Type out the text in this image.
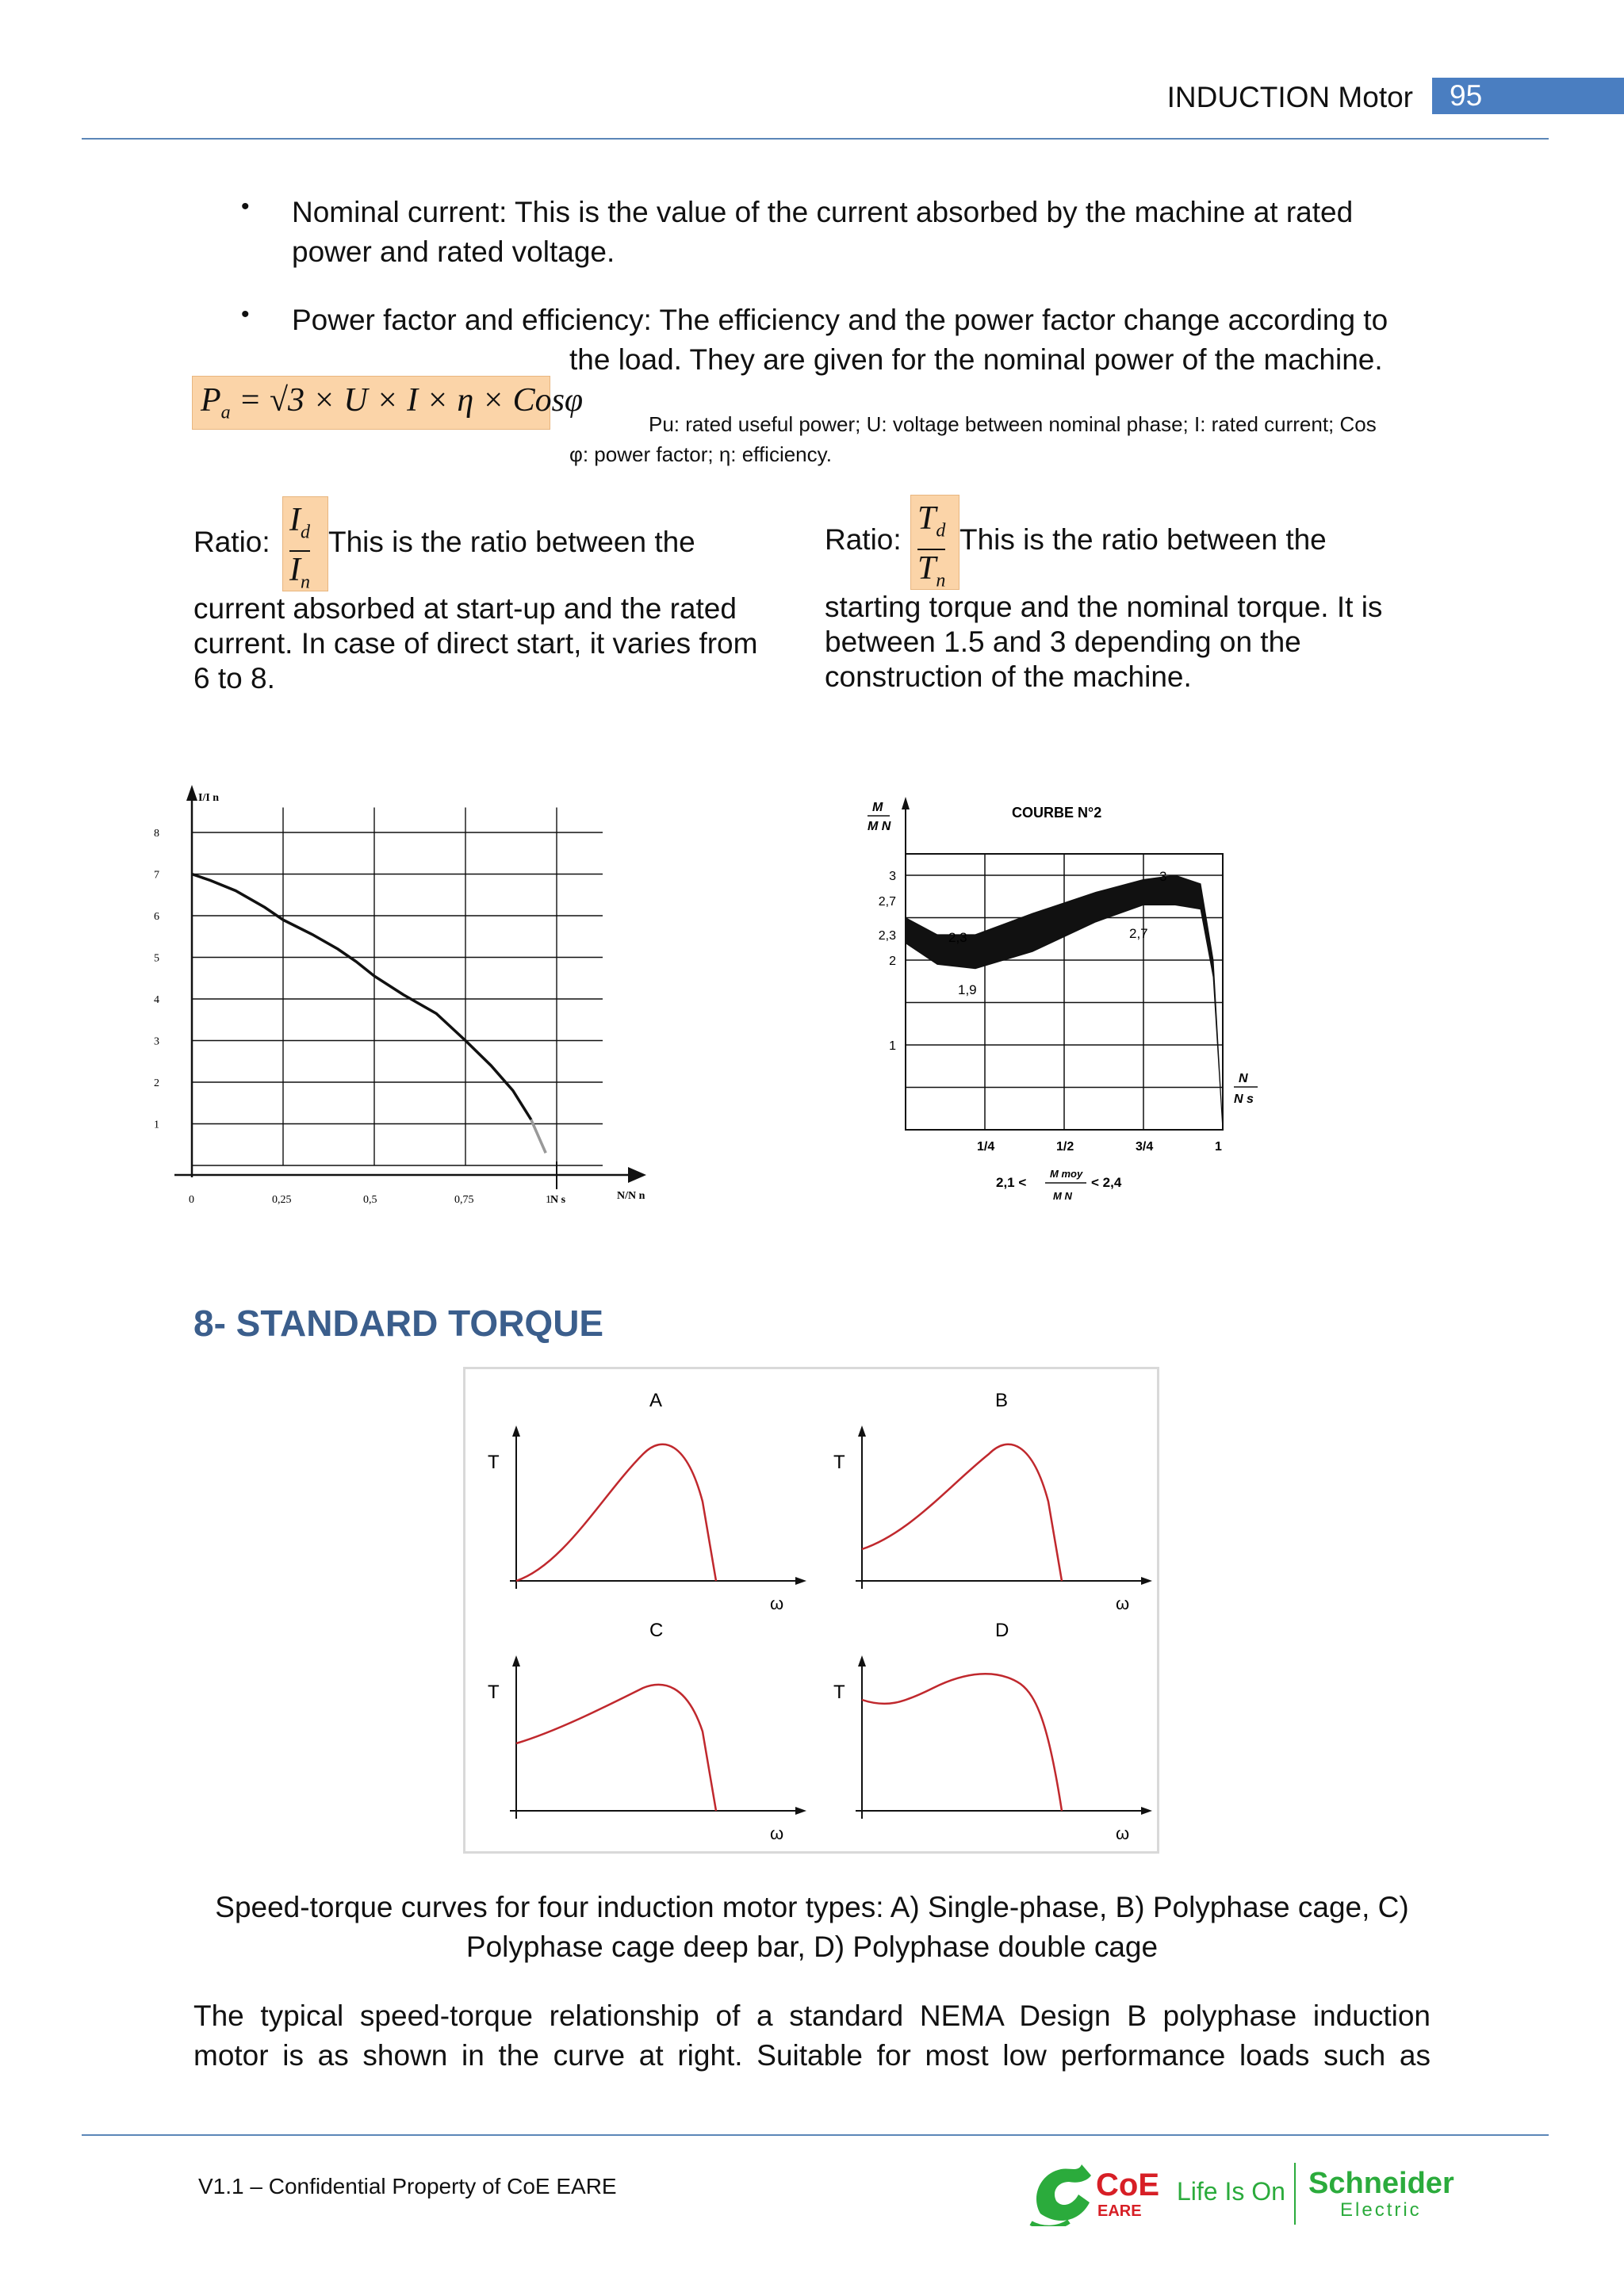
INDUCTION Motor	95
• Nominal current: This is the value of the current absorbed by the machine at rated
power and rated voltage.
• Power factor and efficiency: The efficiency and the power factor change according to
the load. They are given for the nominal power of the machine.
$P_a = √3 \times U \times I \times \eta \times Cos\varphi$
Pu: rated useful power; U: voltage between nominal phase; I: rated current; Cos
φ: power factor; η: efficiency.
Ratio:
$I_d$
$I_n$
This is the ratio between the
current absorbed at start-up and the rated
current. In case of direct start, it varies from
6 to 8.
Ratio:
$T_d$
$T_n$
This is the ratio between the
starting torque and the nominal torque. It is
between 1.5 and 3 depending on the
construction of the machine.
I/I n
N/N n
N s
0	0,25	0,5	0,75	1
1
2
3
4
5
6
7
8
M
M N
COURBE N°2
1
2
2,3
2,7
3
1/4	1/2	3/4	1
2,3
1,9
2,7
3
N
N s
2,1 <
M moy
M N
< 2,4
8- STANDARD TORQUE
A
T
ω
B
T
ω
C
T
ω
D
T
ω
Speed-torque curves for four induction motor types: A) Single-phase, B) Polyphase cage, C)
Polyphase cage deep bar, D) Polyphase double cage
The typical speed-torque relationship of a standard NEMA Design B polyphase induction
motor is as shown in the curve at right. Suitable for most low performance loads such as
V1.1 – Confidential Property of CoE EARE	CoE
EARE
Life Is On Schneider
Electric
